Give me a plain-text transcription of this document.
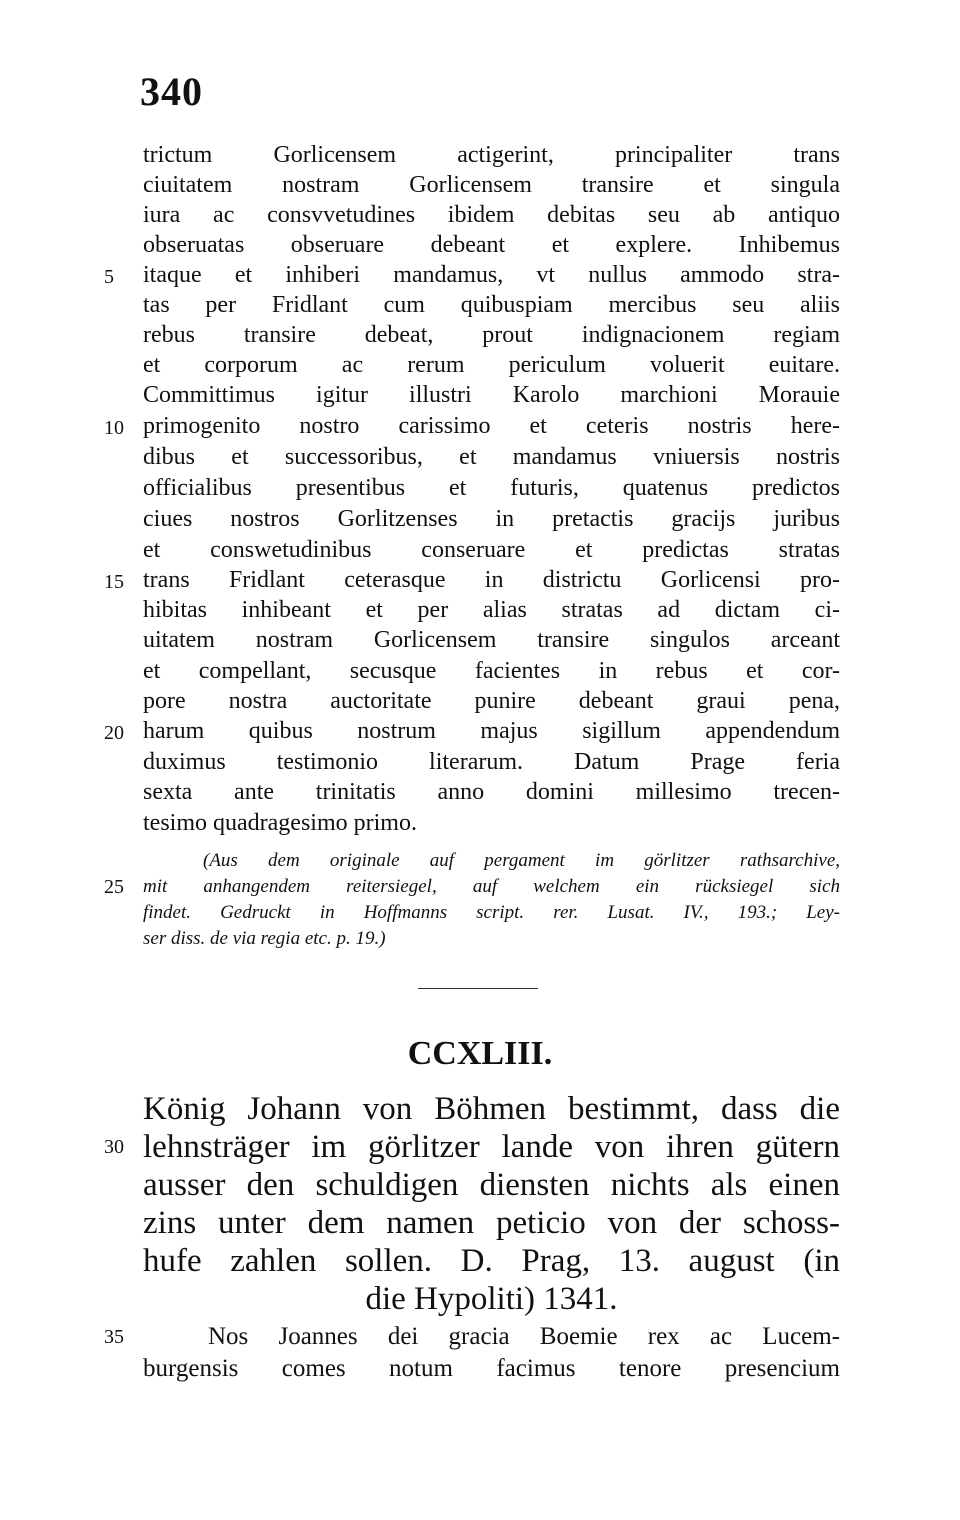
340
trictum Gorlicensem actigerint, principaliter trans
ciuitatem nostram Gorlicensem transire et singula
iura ac consvvetudines ibidem debitas seu ab antiquo
obseruatas obseruare debeant et explere. Inhibemus
itaque et inhiberi mandamus, vt nullus ammodo stra-
tas per Fridlant cum quibuspiam mercibus seu aliis
rebus transire debeat, prout indignacionem regiam
et corporum ac rerum periculum voluerit euitare.
Committimus igitur illustri Karolo marchioni Morauie
primogenito nostro carissimo et ceteris nostris here-
dibus et successoribus, et mandamus vniuersis nostris
officialibus presentibus et futuris, quatenus predictos
ciues nostros Gorlitzenses in pretactis gracijs juribus
et conswetudinibus conseruare et predictas stratas
trans Fridlant ceterasque in districtu Gorlicensi pro-
hibitas inhibeant et per alias stratas ad dictam ci-
uitatem nostram Gorlicensem transire singulos arceant
et compellant, secusque facientes in rebus et cor-
pore nostra auctoritate punire debeant graui pena,
harum quibus nostrum majus sigillum appendendum
duximus testimonio literarum. Datum Prage feria
sexta ante trinitatis anno domini millesimo trecen-
tesimo quadragesimo primo.
(Aus dem originale auf pergament im görlitzer rathsarchive,
mit anhangendem reitersiegel, auf welchem ein rücksiegel sich
findet. Gedruckt in Hoffmanns script. rer. Lusat. IV., 193.; Ley-
ser diss. de via regia etc. p. 19.)
CCXLIII.
König Johann von Böhmen bestimmt, dass die
lehnsträger im görlitzer lande von ihren gütern
ausser den schuldigen diensten nichts als einen
zins unter dem namen peticio von der schoss-
hufe zahlen sollen. D. Prag, 13. august (in
die Hypoliti) 1341.
Nos Joannes dei gracia Boemie rex ac Lucem-
burgensis comes notum facimus tenore presencium
5
10
15
20
25
30
35
